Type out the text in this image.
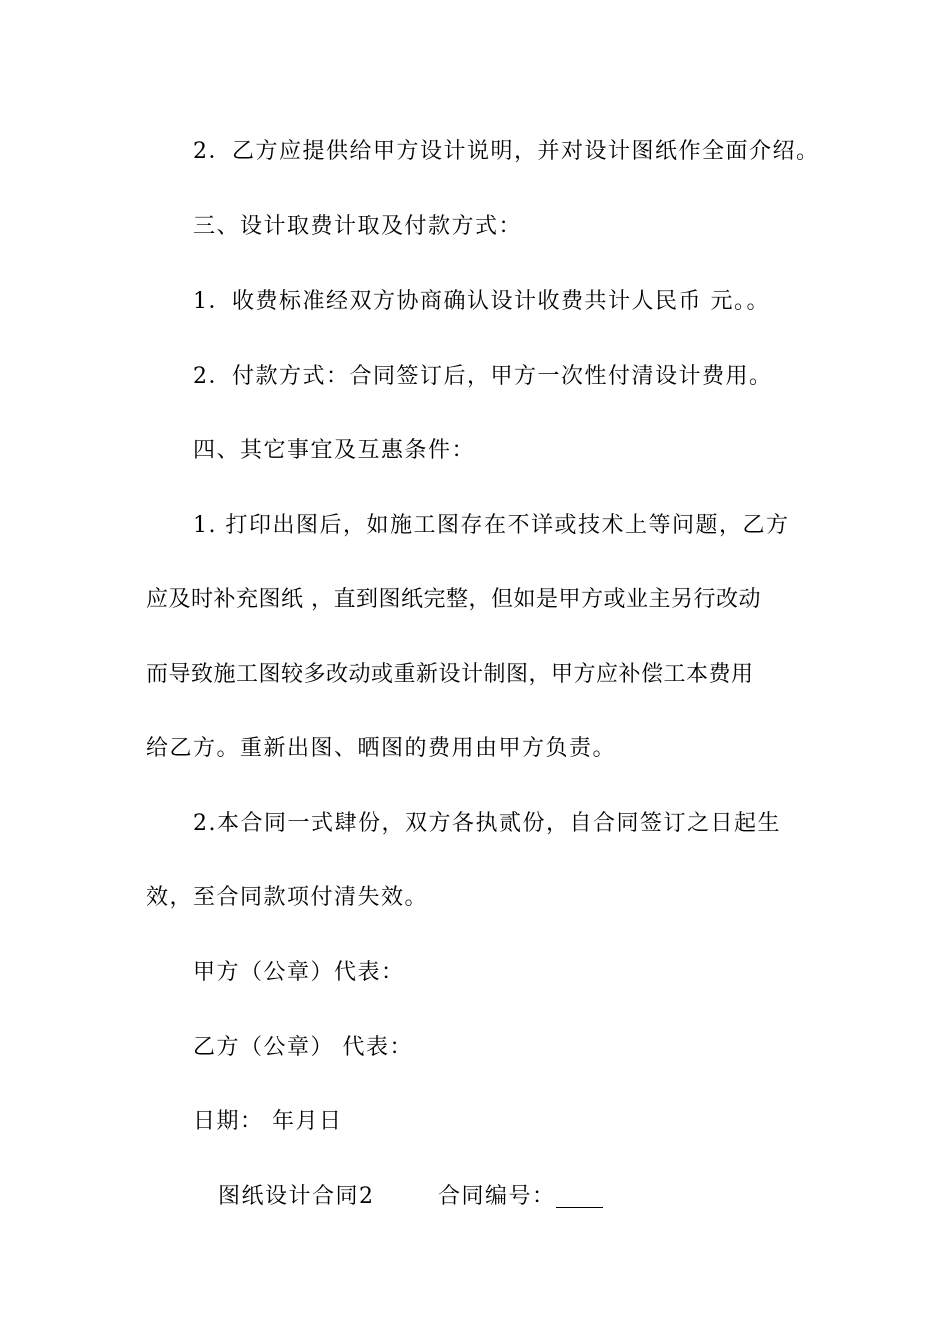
2．乙方应提供给甲方设计说明，并对设计图纸作全面介绍。
三、设计取费计取及付款方式：
1．收费标准经双方协商确认设计收费共计人民币 元。。
2．付款方式：合同签订后，甲方一次性付清设计费用。
四、其它事宜及互惠条件：
1. 打印出图后，如施工图存在不详或技术上等问题，乙方
应及时补充图纸 ，直到图纸完整，但如是甲方或业主另行改动
而导致施工图较多改动或重新设计制图，甲方应补偿工本费用
给乙方。重新出图、晒图的费用由甲方负责。
2.本合同一式肆份，双方各执贰份，自合同签订之日起生
效，至合同款项付清失效。
甲方（公章）代表：
乙方（公章） 代表：
日期： 年月日
图纸设计合同2	合同编号：
